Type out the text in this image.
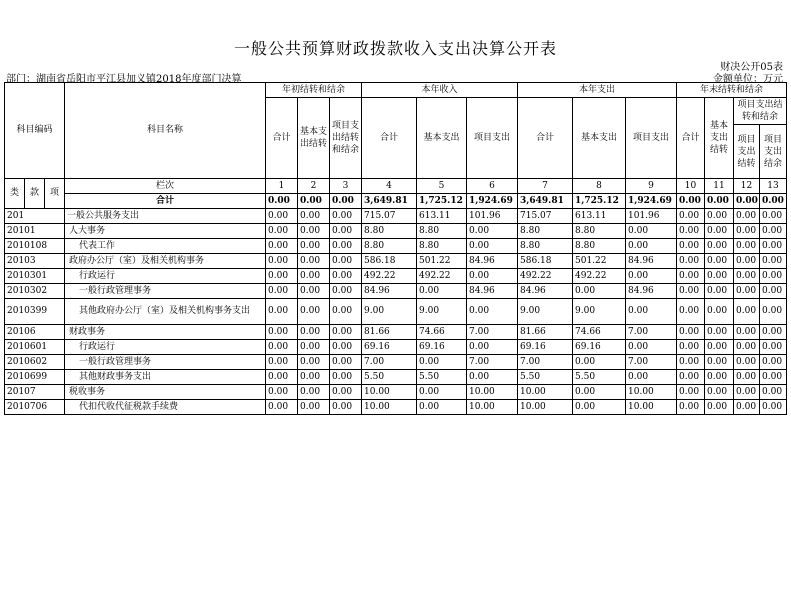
一般公共预算财政拨款收入支出决算公开表
财决公开05表
部门：湖南省岳阳市平江县加义镇2018年度部门决算	金额单位：万元
科目编码			科目名称	年初结转和结余			本年收入			本年支出			年末结转和结余			
				合计	基本支出结转	项目支出结转和结余	合计	基本支出	项目支出	合计	基本支出	项目支出	合计	基本支出结转	项目支出结转和结余	
															项目支出结转	项目支出结余
类	款	项	栏次	1	2	3	4	5	6	7	8	9	10	11	12	13
			合计	0.00	0.00	0.00	3,649.81	1,725.12	1,924.69	3,649.81	1,725.12	1,924.69	0.00	0.00	0.00	0.00
201			一般公共服务支出	0.00	0.00	0.00	715.07	613.11	101.96	715.07	613.11	101.96	0.00	0.00	0.00	0.00
20101			人大事务	0.00	0.00	0.00	8.80	8.80	0.00	8.80	8.80	0.00	0.00	0.00	0.00	0.00
2010108			代表工作	0.00	0.00	0.00	8.80	8.80	0.00	8.80	8.80	0.00	0.00	0.00	0.00	0.00
20103			政府办公厅（室）及相关机构事务	0.00	0.00	0.00	586.18	501.22	84.96	586.18	501.22	84.96	0.00	0.00	0.00	0.00
2010301			行政运行	0.00	0.00	0.00	492.22	492.22	0.00	492.22	492.22	0.00	0.00	0.00	0.00	0.00
2010302			一般行政管理事务	0.00	0.00	0.00	84.96	0.00	84.96	84.96	0.00	84.96	0.00	0.00	0.00	0.00
2010399			其他政府办公厅（室）及相关机构事务支出	0.00	0.00	0.00	9.00	9.00	0.00	9.00	9.00	0.00	0.00	0.00	0.00	0.00
20106			财政事务	0.00	0.00	0.00	81.66	74.66	7.00	81.66	74.66	7.00	0.00	0.00	0.00	0.00
2010601			行政运行	0.00	0.00	0.00	69.16	69.16	0.00	69.16	69.16	0.00	0.00	0.00	0.00	0.00
2010602			一般行政管理事务	0.00	0.00	0.00	7.00	0.00	7.00	7.00	0.00	7.00	0.00	0.00	0.00	0.00
2010699			其他财政事务支出	0.00	0.00	0.00	5.50	5.50	0.00	5.50	5.50	0.00	0.00	0.00	0.00	0.00
20107			税收事务	0.00	0.00	0.00	10.00	0.00	10.00	10.00	0.00	10.00	0.00	0.00	0.00	0.00
2010706			代扣代收代征税款手续费	0.00	0.00	0.00	10.00	0.00	10.00	10.00	0.00	10.00	0.00	0.00	0.00	0.00
